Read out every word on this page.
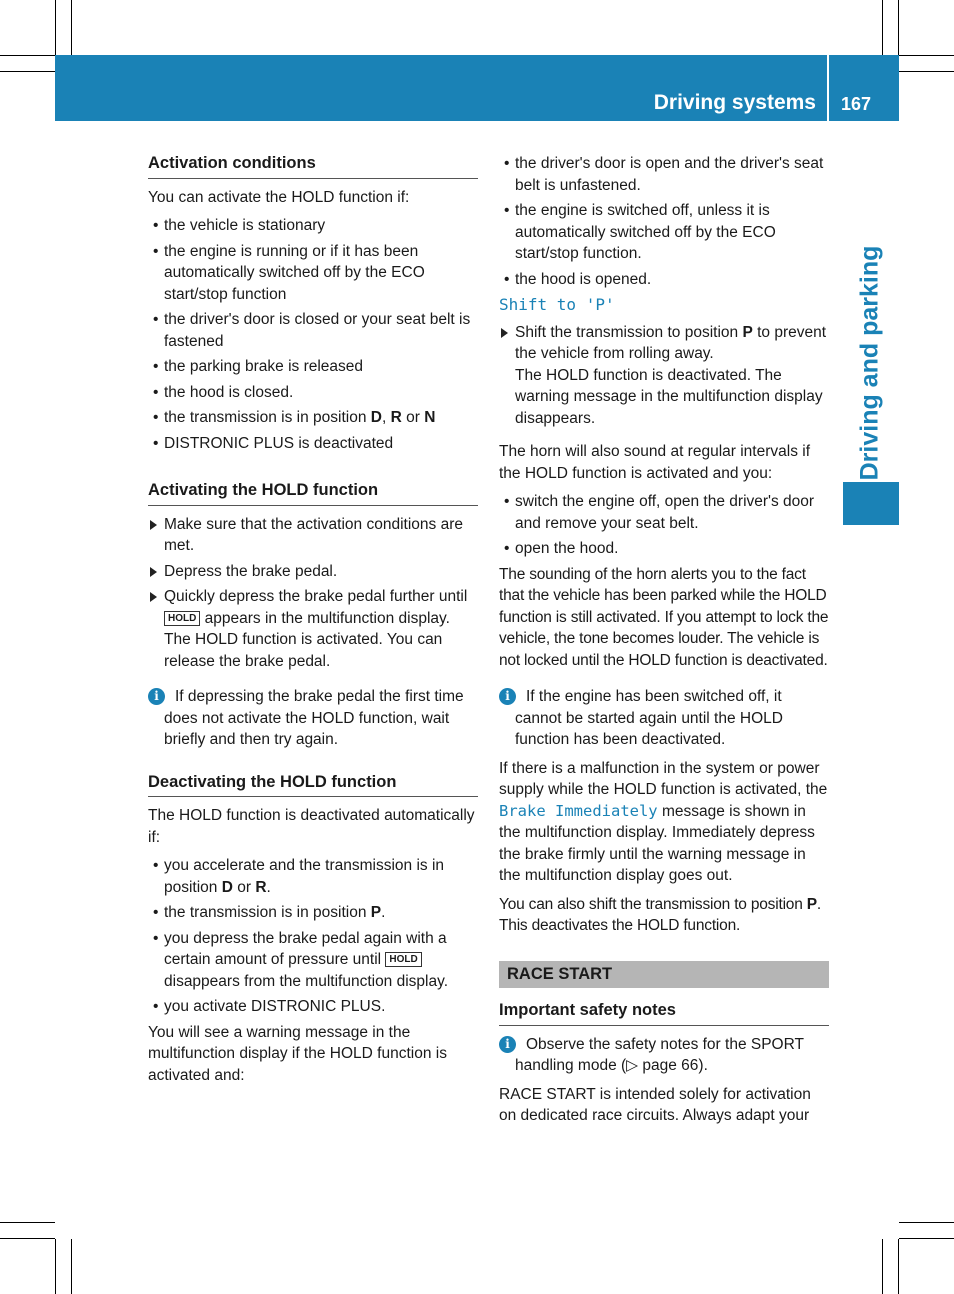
Driving systems 167
Driving and parking
Activation conditions
You can activate the HOLD function if:
• the vehicle is stationary
• the engine is running or if it has been automatically switched off by the ECO start/stop function
• the driver's door is closed or your seat belt is fastened
• the parking brake is released
• the hood is closed.
• the transmission is in position D, R or N
• DISTRONIC PLUS is deactivated
Activating the HOLD function
Make sure that the activation conditions are met.
Depress the brake pedal.
Quickly depress the brake pedal further until HOLD appears in the multifunction display.
The HOLD function is activated. You can release the brake pedal.
i	If depressing the brake pedal the first time does not activate the HOLD function, wait briefly and then try again.
Deactivating the HOLD function
The HOLD function is deactivated automatically if:
• you accelerate and the transmission is in position D or R.
• the transmission is in position P.
• you depress the brake pedal again with a certain amount of pressure until HOLD disappears from the multifunction display.
• you activate DISTRONIC PLUS.
You will see a warning message in the multifunction display if the HOLD function is activated and:
• the driver's door is open and the driver's seat belt is unfastened.
• the engine is switched off, unless it is automatically switched off by the ECO start/stop function.
• the hood is opened.
Shift to 'P'
Shift the transmission to position P to prevent the vehicle from rolling away.
The HOLD function is deactivated. The warning message in the multifunction display disappears.
The horn will also sound at regular intervals if the HOLD function is activated and you:
• switch the engine off, open the driver's door and remove your seat belt.
• open the hood.
The sounding of the horn alerts you to the fact that the vehicle has been parked while the HOLD function is still activated. If you attempt to lock the vehicle, the tone becomes louder. The vehicle is not locked until the HOLD function is deactivated.
i	If the engine has been switched off, it cannot be started again until the HOLD function has been deactivated.
If there is a malfunction in the system or power supply while the HOLD function is activated, the Brake Immediately message is shown in the multifunction display. Immediately depress the brake firmly until the warning message in the multifunction display goes out.
You can also shift the transmission to position P. This deactivates the HOLD function.
RACE START
Important safety notes
i	Observe the safety notes for the SPORT handling mode (▷ page 66).
RACE START is intended solely for activation on dedicated race circuits. Always adapt your
